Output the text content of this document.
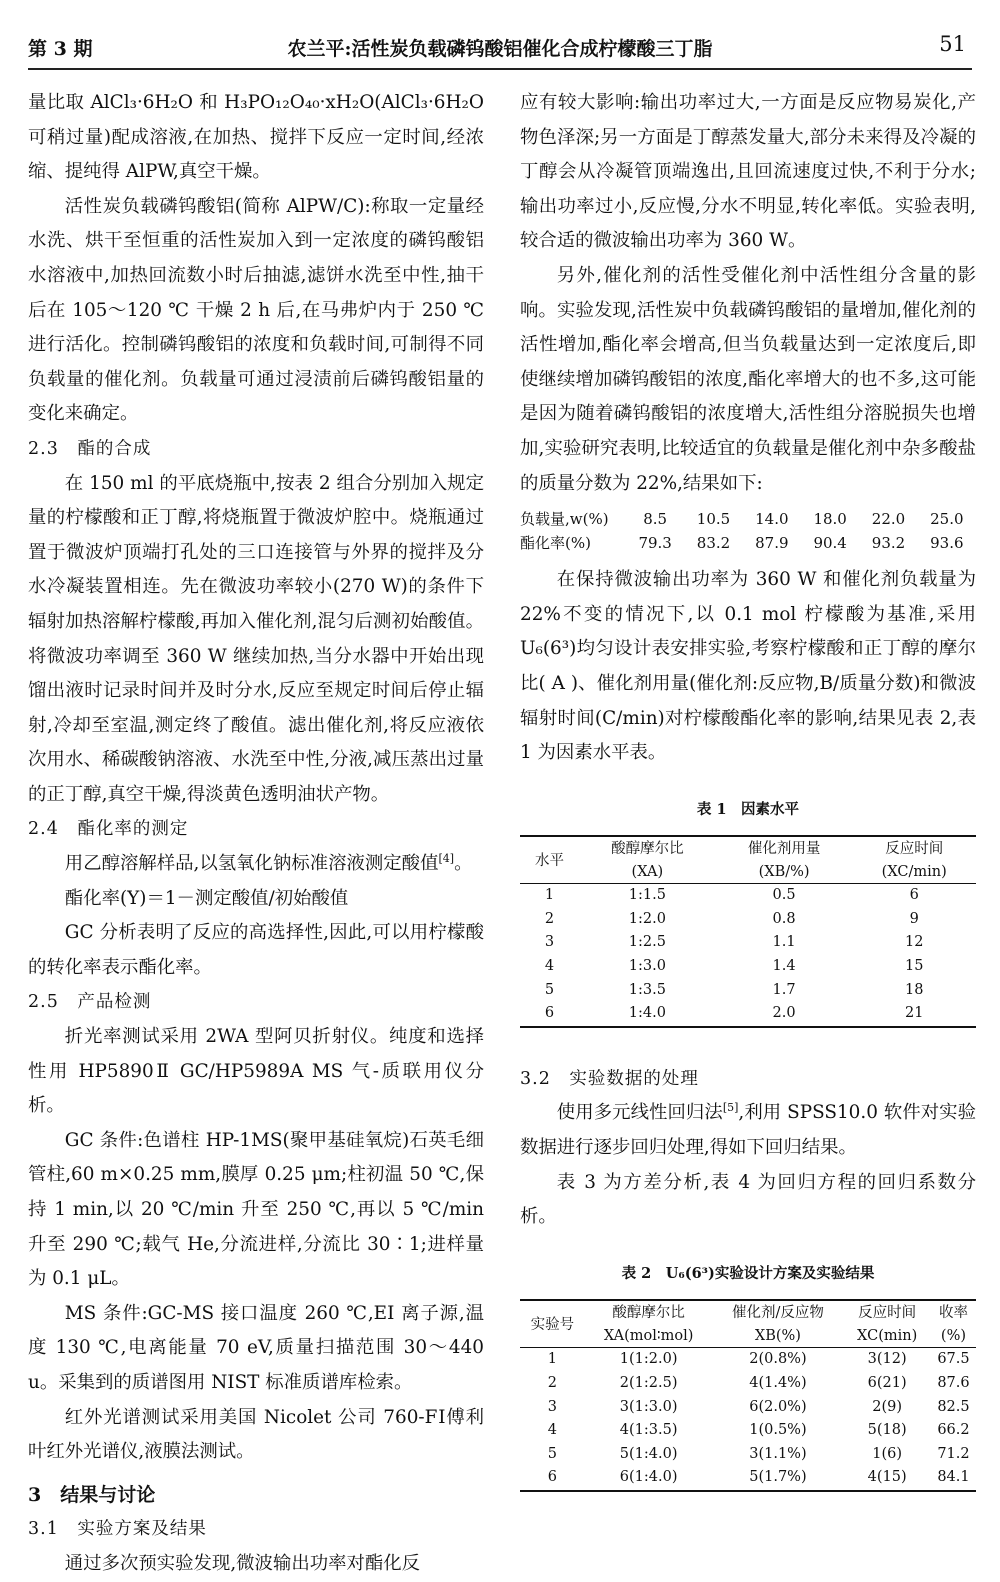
第 3 期	农兰平:活性炭负载磷钨酸铝催化合成柠檬酸三丁脂	51

量比取 AlCl₃·6H₂O 和 H₃PO₁₂O₄₀·xH₂O(AlCl₃·6H₂O 可稍过量)配成溶液,在加热、搅拌下反应一定时间,经浓缩、提纯得 AlPW,真空干燥。

活性炭负载磷钨酸铝(简称 AlPW/C):称取一定量经水洗、烘干至恒重的活性炭加入到一定浓度的磷钨酸铝水溶液中,加热回流数小时后抽滤,滤饼水洗至中性,抽干后在 105～120 ℃ 干燥 2 h 后,在马弗炉内于 250 ℃进行活化。控制磷钨酸铝的浓度和负载时间,可制得不同负载量的催化剂。负载量可通过浸渍前后磷钨酸铝量的变化来确定。

2.3　酯的合成

在 150 ml 的平底烧瓶中,按表 2 组合分别加入规定量的柠檬酸和正丁醇,将烧瓶置于微波炉腔中。烧瓶通过置于微波炉顶端打孔处的三口连接管与外界的搅拌及分水冷凝装置相连。先在微波功率较小(270 W)的条件下辐射加热溶解柠檬酸,再加入催化剂,混匀后测初始酸值。将微波功率调至 360 W 继续加热,当分水器中开始出现馏出液时记录时间并及时分水,反应至规定时间后停止辐射,冷却至室温,测定终了酸值。滤出催化剂,将反应液依次用水、稀碳酸钠溶液、水洗至中性,分液,减压蒸出过量的正丁醇,真空干燥,得淡黄色透明油状产物。

2.4　酯化率的测定

用乙醇溶解样品,以氢氧化钠标准溶液测定酸值[4]。

酯化率(Y)＝1－测定酸值/初始酸值

GC 分析表明了反应的高选择性,因此,可以用柠檬酸的转化率表示酯化率。

2.5　产品检测

折光率测试采用 2WA 型阿贝折射仪。纯度和选择性用 HP5890Ⅱ GC/HP5989A MS 气-质联用仪分析。

GC 条件:色谱柱 HP-1MS(聚甲基硅氧烷)石英毛细管柱,60 m×0.25 mm,膜厚 0.25 μm;柱初温 50 ℃,保持 1 min,以 20 ℃/min 升至 250 ℃,再以 5 ℃/min 升至 290 ℃;载气 He,分流进样,分流比 30∶1;进样量为 0.1 μL。

MS 条件:GC-MS 接口温度 260 ℃,EI 离子源,温度 130 ℃,电离能量 70 eV,质量扫描范围 30～440 u。采集到的质谱图用 NIST 标准质谱库检索。

红外光谱测试采用美国 Nicolet 公司 760-FⅠ傅利叶红外光谱仪,液膜法测试。

3　结果与讨论
3.1　实验方案及结果

通过多次预实验发现,微波输出功率对酯化反

应有较大影响:输出功率过大,一方面是反应物易炭化,产物色泽深;另一方面是丁醇蒸发量大,部分未来得及冷凝的丁醇会从冷凝管顶端逸出,且回流速度过快,不利于分水;输出功率过小,反应慢,分水不明显,转化率低。实验表明,较合适的微波输出功率为 360 W。

另外,催化剂的活性受催化剂中活性组分含量的影响。实验发现,活性炭中负载磷钨酸铝的量增加,催化剂的活性增加,酯化率会增高,但当负载量达到一定浓度后,即使继续增加磷钨酸铝的浓度,酯化率增大的也不多,这可能是因为随着磷钨酸铝的浓度增大,活性组分溶脱损失也增加,实验研究表明,比较适宜的负载量是催化剂中杂多酸盐的质量分数为 22%,结果如下:

负载量,w(%)	8.5	10.5	14.0	18.0	22.0	25.0
酯化率(%)	79.3	83.2	87.9	90.4	93.2	93.6

在保持微波输出功率为 360 W 和催化剂负载量为 22%不变的情况下,以 0.1 mol 柠檬酸为基准,采用 U₆(6³)均匀设计表安排实验,考察柠檬酸和正丁醇的摩尔比( A )、催化剂用量(催化剂:反应物,B/质量分数)和微波辐射时间(C/min)对柠檬酸酯化率的影响,结果见表 2,表 1 为因素水平表。

表 1　因素水平
水平	酸醇摩尔比	催化剂用量	反应时间
	(XA)	(XB/%)	(XC/min)
1	1:1.5	0.5	6
2	1:2.0	0.8	9
3	1:2.5	1.1	12
4	1:3.0	1.4	15
5	1:3.5	1.7	18
6	1:4.0	2.0	21
3.2　实验数据的处理

使用多元线性回归法[5],利用 SPSS10.0 软件对实验数据进行逐步回归处理,得如下回归结果。

表 3 为方差分析,表 4 为回归方程的回归系数分析。

表 2　U₆(6³)实验设计方案及实验结果
实验号	酸醇摩尔比	催化剂/反应物	反应时间	收率
	XA(mol∶mol)	XB(%)	XC(min)	(%)
1	1(1:2.0)	2(0.8%)	3(12)	67.5
2	2(1:2.5)	4(1.4%)	6(21)	87.6
3	3(1:3.0)	6(2.0%)	2(9)	82.5
4	4(1:3.5)	1(0.5%)	5(18)	66.2
5	5(1:4.0)	3(1.1%)	1(6)	71.2
6	6(1:4.0)	5(1.7%)	4(15)	84.1
